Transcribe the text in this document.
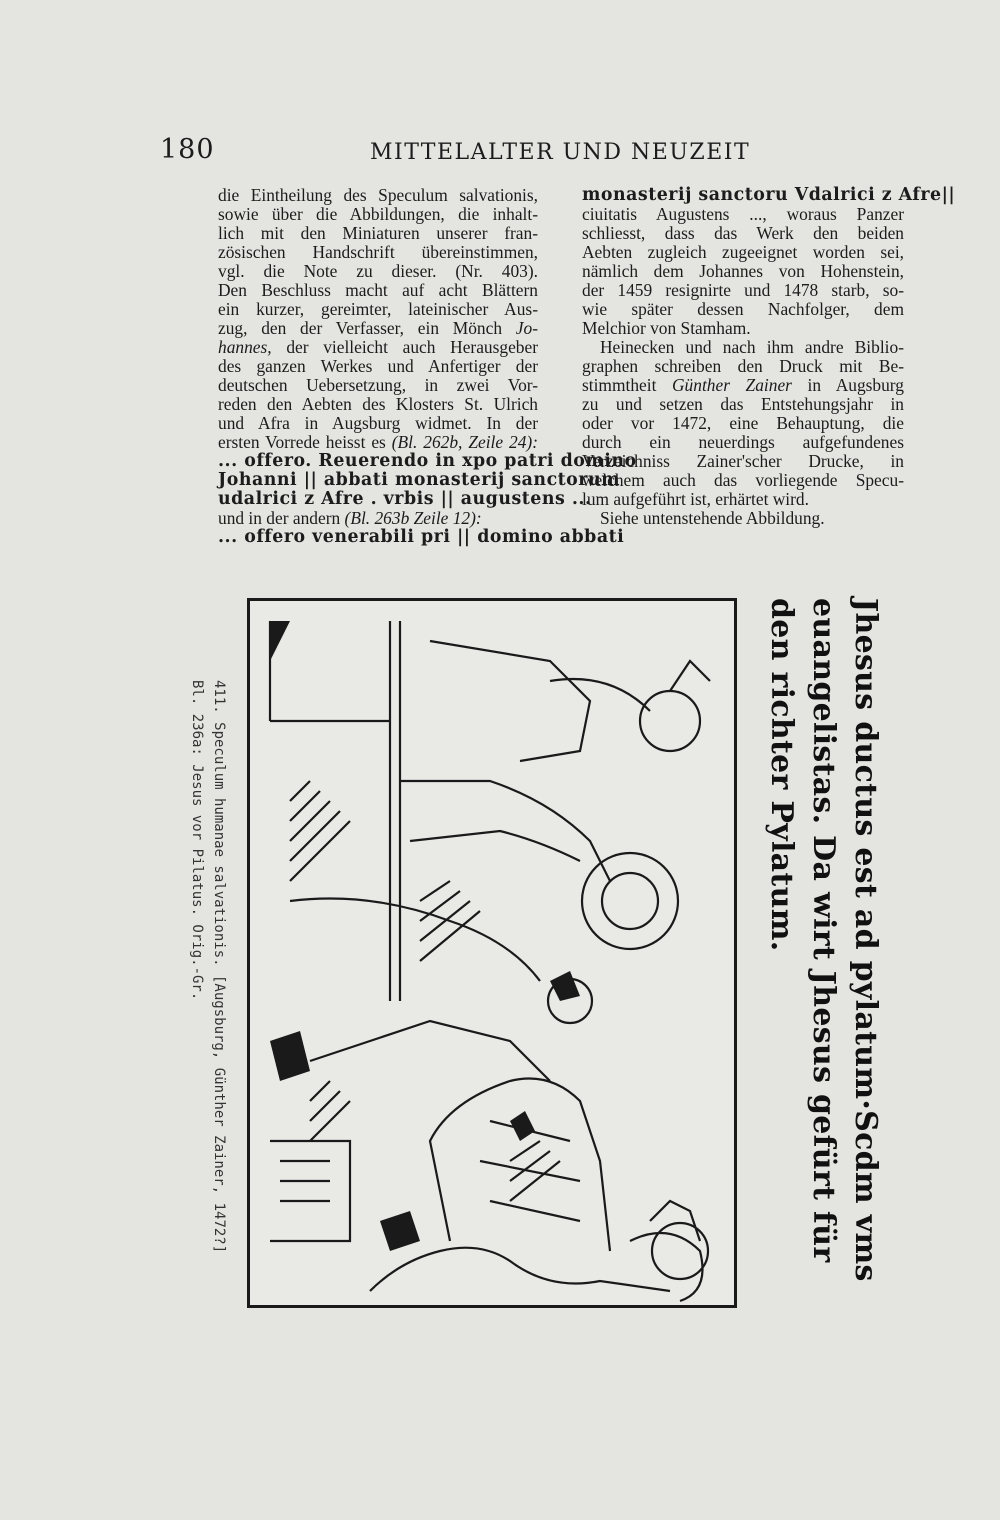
180	MITTELALTER UND NEUZEIT
die Eintheilung des Speculum salvationis,
sowie über die Abbildungen, die inhalt-
lich mit den Miniaturen unserer fran-
zösischen Handschrift übereinstimmen,
vgl. die Note zu dieser. (Nr. 403).
Den Beschluss macht auf acht Blättern
ein kurzer, gereimter, lateinischer Aus-
zug, den der Verfasser, ein Mönch Jo-
hannes, der vielleicht auch Herausgeber
des ganzen Werkes und Anfertiger der
deutschen Uebersetzung, in zwei Vor-
reden den Aebten des Klosters St. Ulrich
und Afra in Augsburg widmet. In der
ersten Vorrede heisst es (Bl. 262b, Zeile 24):
... offero. Reuerendo in xpo patri domino
Johanni || abbati monasterij sanctorum
udalrici z Afre . vrbis || augustens ...
und in der andern (Bl. 263b Zeile 12):
... offero venerabili pri || domino abbati
monasterij sanctoru Vdalrici z Afre||
ciuitatis Augustens ..., woraus Panzer
schliesst, dass das Werk den beiden
Aebten zugleich zugeeignet worden sei,
nämlich dem Johannes von Hohenstein,
der 1459 resignirte und 1478 starb, so-
wie später dessen Nachfolger, dem
Melchior von Stamham.
Heinecken und nach ihm andre Biblio-
graphen schreiben den Druck mit Be-
stimmtheit Günther Zainer in Augsburg
zu und setzen das Entstehungsjahr in
oder vor 1472, eine Behauptung, die
durch ein neuerdings aufgefundenes
Verzeichniss Zainer'scher Drucke, in
welchem auch das vorliegende Specu-
lum aufgeführt ist, erhärtet wird.
Siehe untenstehende Abbildung.
411. Speculum humanae salvationis. [Augsburg, Günther Zainer, 1472?]
Bl. 236a: Jesus vor Pilatus. Orig.-Gr.	Jhesus ductus est ad pylatum·Scdm vms
euangelistas. Da wirt Jhesus gefürt für
den richter Pylatum.
